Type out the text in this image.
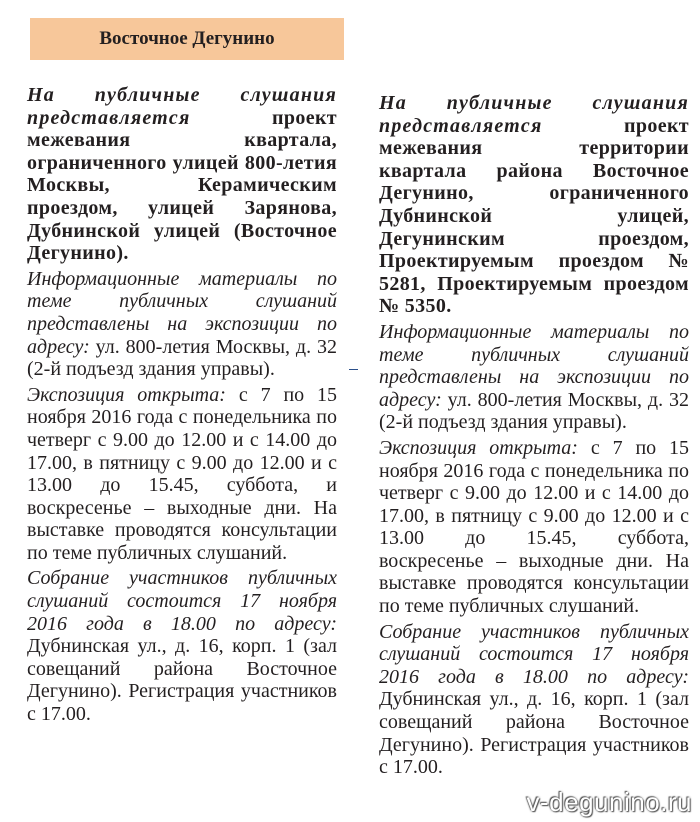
Восточное Дегунино

На публичные слушания представляется	проект межевания квартала, ограниченного улицей 800-летия Москвы, Керамическим проездом, улицей Заряновa, Дубнинской улицей (Восточное Дегунино).

Информационные материалы по теме публичных слушаний представлены на экспозиции по адресу: ул. 800-летия Москвы, д. 32 (2-й подъезд здания управы).

Экспозиция открыта: с 7 по 15 ноября 2016 года с понедельника по четверг с 9.00 до 12.00 и с 14.00 до 17.00, в пятницу с 9.00 до 12.00 и с 13.00 до 15.45, суббота, и воскресенье – выходные дни. На выставке проводятся консультации по теме публичных слушаний.

Собрание участников публичных слушаний состоится 17 ноября 2016 года в 18.00 по адресу: Дубнинская ул., д. 16, корп. 1 (зал совещаний района Восточное Дегунино). Регистрация участников с 17.00.

На публичные слушания представляется	проект межевания территории квартала района Восточное Дегунино, ограниченного Дубнинской улицей, Дегунинским проездом, Проектируемым проездом № 5281, Проектируемым проездом № 5350.

Информационные материалы по теме публичных слушаний представлены на экспозиции по адресу: ул. 800-летия Москвы, д. 32 (2-й подъезд здания управы).

Экспозиция открыта: с 7 по 15 ноября 2016 года с понедельника по четверг с 9.00 до 12.00 и с 14.00 до 17.00, в пятницу с 9.00 до 12.00 и с 13.00 до 15.45, суббота, воскресенье – выходные дни. На выставке проводятся консультации по теме публичных слушаний.

Собрание участников публичных слушаний состоится 17 ноября 2016 года в 18.00 по адресу: Дубнинская ул., д. 16, корп. 1 (зал совещаний района Восточное Дегунино). Регистрация участников с 17.00.

v-degunino.ru
